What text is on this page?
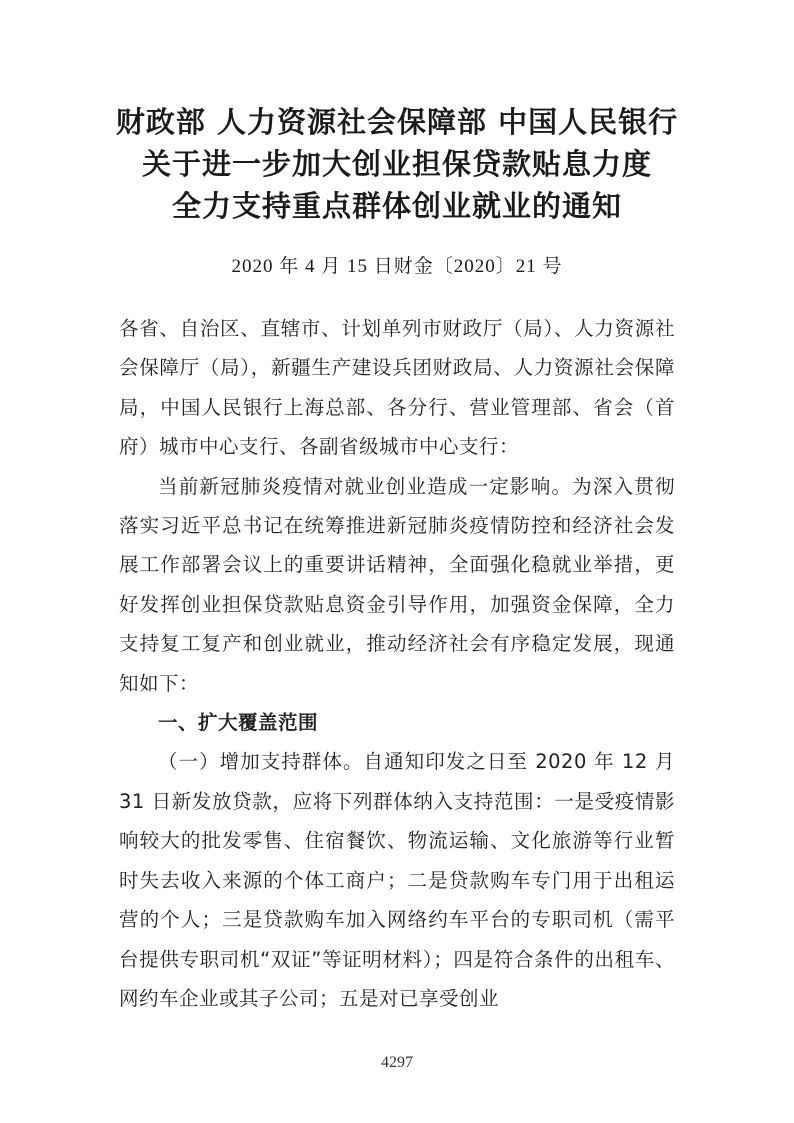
财政部 人力资源社会保障部 中国人民银行
关于进一步加大创业担保贷款贴息力度
全力支持重点群体创业就业的通知
2020 年 4 月 15 日财金〔2020〕21 号

各省、自治区、直辖市、计划单列市财政厅（局）、人力资源社会保障厅（局），新疆生产建设兵团财政局、人力资源社会保障局，中国人民银行上海总部、各分行、营业管理部、省会（首府）城市中心支行、各副省级城市中心支行：

当前新冠肺炎疫情对就业创业造成一定影响。为深入贯彻落实习近平总书记在统筹推进新冠肺炎疫情防控和经济社会发展工作部署会议上的重要讲话精神，全面强化稳就业举措，更好发挥创业担保贷款贴息资金引导作用，加强资金保障，全力支持复工复产和创业就业，推动经济社会有序稳定发展，现通知如下：

一、扩大覆盖范围

（一）增加支持群体。自通知印发之日至 2020 年 12 月 31 日新发放贷款，应将下列群体纳入支持范围：一是受疫情影响较大的批发零售、住宿餐饮、物流运输、文化旅游等行业暂时失去收入来源的个体工商户；二是贷款购车专门用于出租运营的个人；三是贷款购车加入网络约车平台的专职司机（需平台提供专职司机“双证”等证明材料）；四是符合条件的出租车、网约车企业或其子公司；五是对已享受创业

4297
